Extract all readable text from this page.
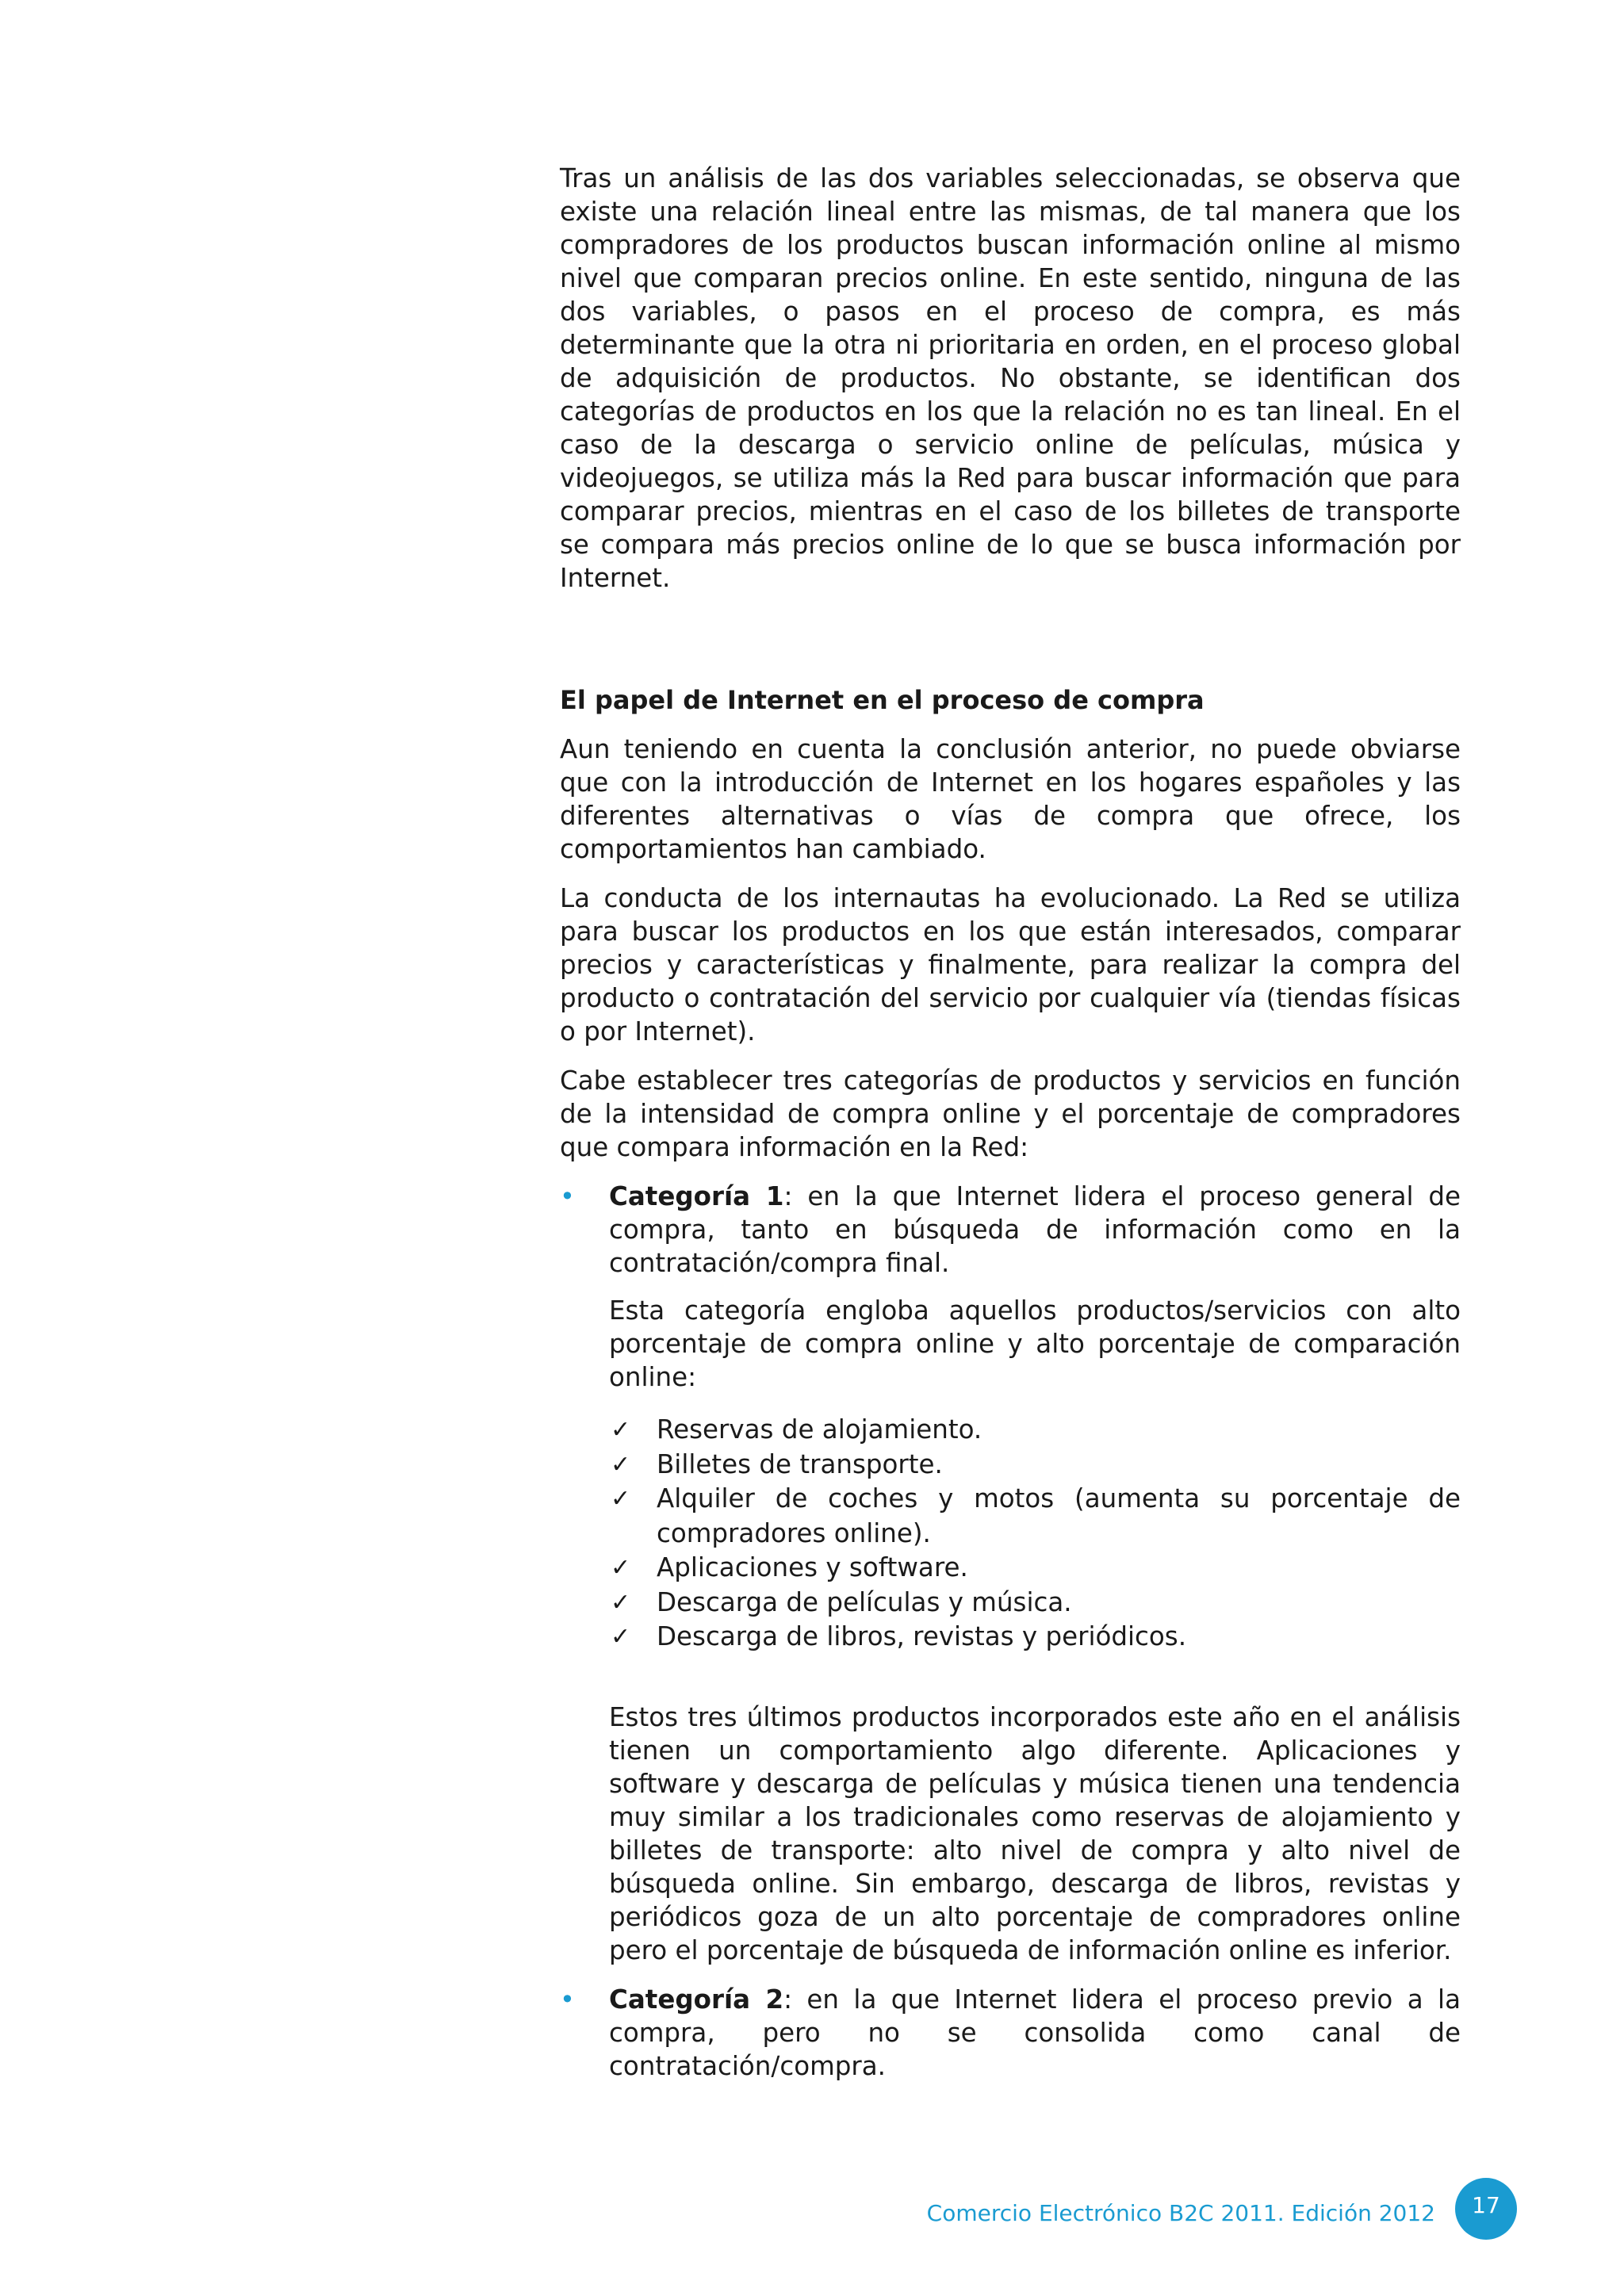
Tras un análisis de las dos variables seleccionadas, se observa que existe una relación lineal entre las mismas, de tal manera que los compradores de los productos buscan información online al mismo nivel que comparan precios online. En este sentido, ninguna de las dos variables, o pasos en el proceso de compra, es más determinante que la otra ni prioritaria en orden, en el proceso global de adquisición de productos. No obstante, se identifican dos categorías de productos en los que la relación no es tan lineal. En el caso de la descarga o servicio online de películas, música y videojuegos, se utiliza más la Red para buscar información que para comparar precios, mientras en el caso de los billetes de transporte se compara más precios online de lo que se busca información por Internet.

El papel de Internet en el proceso de compra

Aun teniendo en cuenta la conclusión anterior, no puede obviarse que con la introducción de Internet en los hogares españoles y las diferentes alternativas o vías de compra que ofrece, los comportamientos han cambiado.

La conducta de los internautas ha evolucionado. La Red se utiliza para buscar los productos en los que están interesados, comparar precios y características y finalmente, para realizar la compra del producto o contratación del servicio por cualquier vía (tiendas físicas o por Internet).

Cabe establecer tres categorías de productos y servicios en función de la intensidad de compra online y el porcentaje de compradores que compara información en la Red:

• Categoría 1: en la que Internet lidera el proceso general de compra, tanto en búsqueda de información como en la contratación/compra final.

Esta categoría engloba aquellos productos/servicios con alto porcentaje de compra online y alto porcentaje de comparación online:

✓ Reservas de alojamiento.
✓ Billetes de transporte.
✓ Alquiler de coches y motos (aumenta su porcentaje de compradores online).
✓ Aplicaciones y software.
✓ Descarga de películas y música.
✓ Descarga de libros, revistas y periódicos.

Estos tres últimos productos incorporados este año en el análisis tienen un comportamiento algo diferente. Aplicaciones y software y descarga de películas y música tienen una tendencia muy similar a los tradicionales como reservas de alojamiento y billetes de transporte: alto nivel de compra y alto nivel de búsqueda online. Sin embargo, descarga de libros, revistas y periódicos goza de un alto porcentaje de compradores online pero el porcentaje de búsqueda de información online es inferior.

• Categoría 2: en la que Internet lidera el proceso previo a la compra, pero no se consolida como canal de contratación/compra.

Comercio Electrónico B2C 2011. Edición 2012	17
